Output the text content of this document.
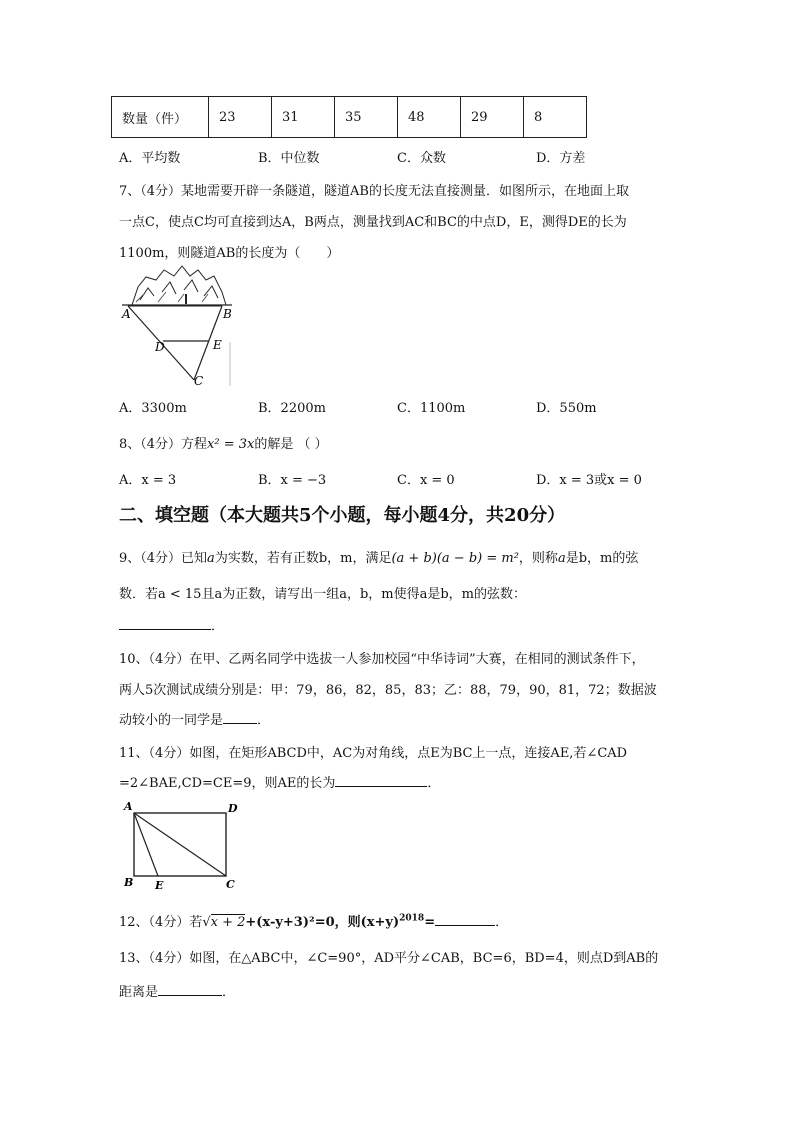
数量（件）	23	31	35	48	29	8
A．平均数	B．中位数	C．众数	D．方差
7、（4分）某地需要开辟一条隧道，隧道AB的长度无法直接测量．如图所示，在地面上取
一点C，使点C均可直接到达A，B两点，测量找到AC和BC的中点D，E，测得DE的长为
1100m，则隧道AB的长度为（　　）
A	B
D	E
C
A．3300m	B．2200m	C．1100m	D．550m
8、（4分）方程x² = 3x的解是 （ ）
A．x = 3	B．x = −3	C．x = 0	D．x = 3或x = 0
二、填空题（本大题共5个小题，每小题4分，共20分）
9、（4分）已知a为实数，若有正数b，m，满足(a + b)(a − b) = m²，则称a是b，m的弦
数．若a < 15且a为正数，请写出一组a，b，m使得a是b，m的弦数：
．
10、（4分）在甲、乙两名同学中选拔一人参加校园“中华诗词”大赛，在相同的测试条件下，
两人5次测试成绩分别是：甲：79，86，82，85，83；乙：88，79，90，81，72；数据波
动较小的一同学是	．
11、（4分）如图，在矩形ABCD中，AC为对角线，点E为BC上一点，连接AE,若∠CAD
=2∠BAE,CD=CE=9，则AE的长为	．
A	D
B E	C
12、（4分）若√x + 2+(x-y+3)²=0，则$(x+y)^{2018}=$	．
13、（4分）如图，在△ABC中，∠C=90°，AD平分∠CAB，BC=6，BD=4，则点D到AB的
距离是	．
